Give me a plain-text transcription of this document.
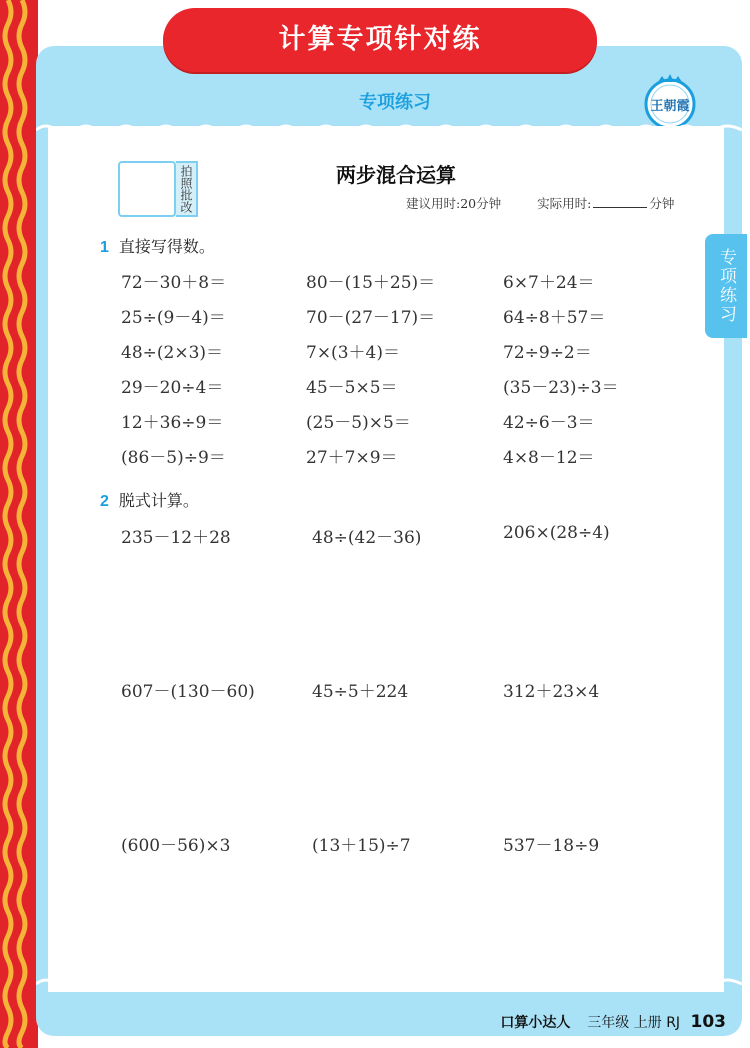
计算专项针对练
专项练习	王朝霞
专项练习
拍照批改	两步混合运算
建议用时:20分钟	实际用时:	分钟
1 直接写得数。
72－30＋8＝	80－(15＋25)＝	6×7＋24＝
25÷(9－4)＝	70－(27－17)＝	64÷8＋57＝
48÷(2×3)＝	7×(3＋4)＝	72÷9÷2＝
29－20÷4＝	45－5×5＝	(35－23)÷3＝
12＋36÷9＝	(25－5)×5＝	42÷6－3＝
(86－5)÷9＝	27＋7×9＝	4×8－12＝
2 脱式计算。
235－12＋28	48÷(42－36)	206×(28÷4)
607－(130－60)	45÷5＋224	312＋23×4
(600－56)×3	(13＋15)÷7	537－18÷9
口算小达人 三年级 上册 RJ 103
